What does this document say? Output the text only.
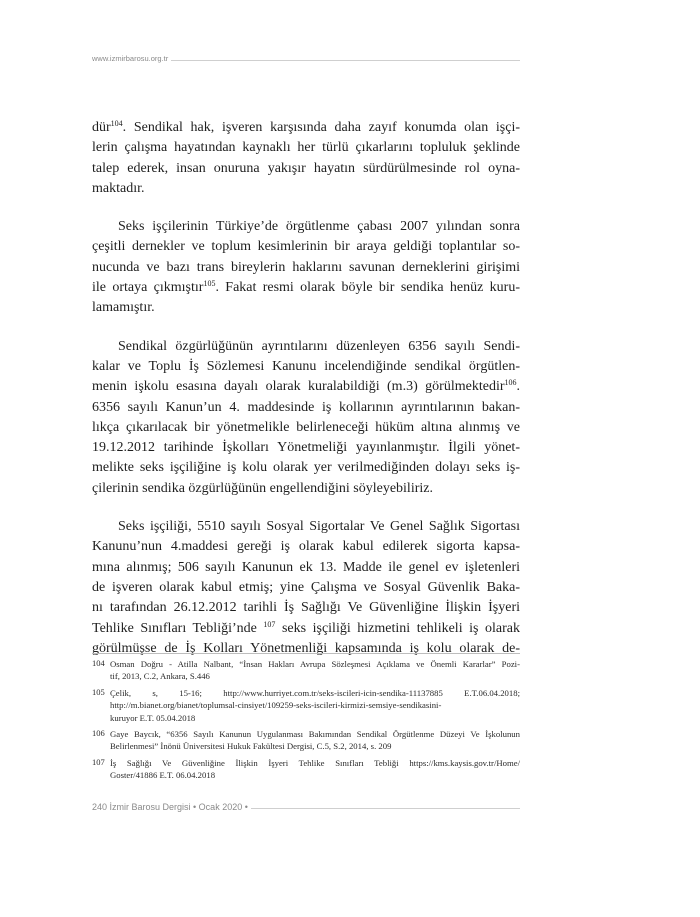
www.izmirbarosu.org.tr

dür$^{104}$. Sendikal hak, işveren karşısında daha zayıf konumda olan işçi-
lerin çalışma hayatından kaynaklı her türlü çıkarlarını topluluk şeklinde
talep ederek, insan onuruna yakışır hayatın sürdürülmesinde rol oyna-
maktadır.

Seks işçilerinin Türkiye’de örgütlenme çabası 2007 yılından sonra
çeşitli dernekler ve toplum kesimlerinin bir araya geldiği toplantılar so-
nucunda ve bazı trans bireylerin haklarını savunan derneklerini girişimi
ile ortaya çıkmıştır$^{105}$. Fakat resmi olarak böyle bir sendika henüz kuru-
lamamıştır.

Sendikal özgürlüğünün ayrıntılarını düzenleyen 6356 sayılı Sendi-
kalar ve Toplu İş Sözlemesi Kanunu incelendiğinde sendikal örgütlen-
menin işkolu esasına dayalı olarak kuralabildiği (m.3) görülmektedir$^{106}$.
6356 sayılı Kanun’un 4. maddesinde iş kollarının ayrıntılarının bakan-
lıkça çıkarılacak bir yönetmelikle belirleneceği hüküm altına alınmış ve
19.12.2012 tarihinde İşkolları Yönetmeliği yayınlanmıştır. İlgili yönet-
melikte seks işçiliğine iş kolu olarak yer verilmediğinden dolayı seks iş-
çilerinin sendika özgürlüğünün engellendiğini söyleyebiliriz.

Seks işçiliği, 5510 sayılı Sosyal Sigortalar Ve Genel Sağlık Sigortası
Kanunu’nun 4.maddesi gereği iş olarak kabul edilerek sigorta kapsa-
mına alınmış; 506 sayılı Kanunun ek 13. Madde ile genel ev işletenleri
de işveren olarak kabul etmiş; yine Çalışma ve Sosyal Güvenlik Baka-
nı tarafından 26.12.2012 tarihli İş Sağlığı Ve Güvenliğine İlişkin İşyeri
Tehlike Sınıfları Tebliği’nde $^{107}$ seks işçiliği hizmetini tehlikeli iş olarak
görülmüşse de İş Kolları Yönetmenliği kapsamında iş kolu olarak de-

104 Osman Doğru - Atilla Nalbant, “İnsan Hakları Avrupa Sözleşmesi Açıklama ve Önemli Kararlar” Pozi-
tif, 2013, C.2, Ankara, S.446
105 Çelik, s, 15-16; http://www.hurriyet.com.tr/seks-iscileri-icin-sendika-11137885 E.T.06.04.2018;
http://m.bianet.org/bianet/toplumsal-cinsiyet/109259-seks-iscileri-kirmizi-semsiye-sendikasini-
kuruyor E.T. 05.04.2018
106 Gaye Baycık, “6356 Sayılı Kanunun Uygulanması Bakımından Sendikal Örgütlenme Düzeyi Ve İşkolunun
Belirlenmesi” İnönü Üniversitesi Hukuk Fakültesi Dergisi, C.5, S.2, 2014, s. 209
107 İş Sağlığı Ve Güvenliğine İlişkin İşyeri Tehlike Sınıfları Tebliği https://kms.kaysis.gov.tr/Home/
Goster/41886 E.T. 06.04.2018
240 İzmir Barosu Dergisi • Ocak 2020 •
